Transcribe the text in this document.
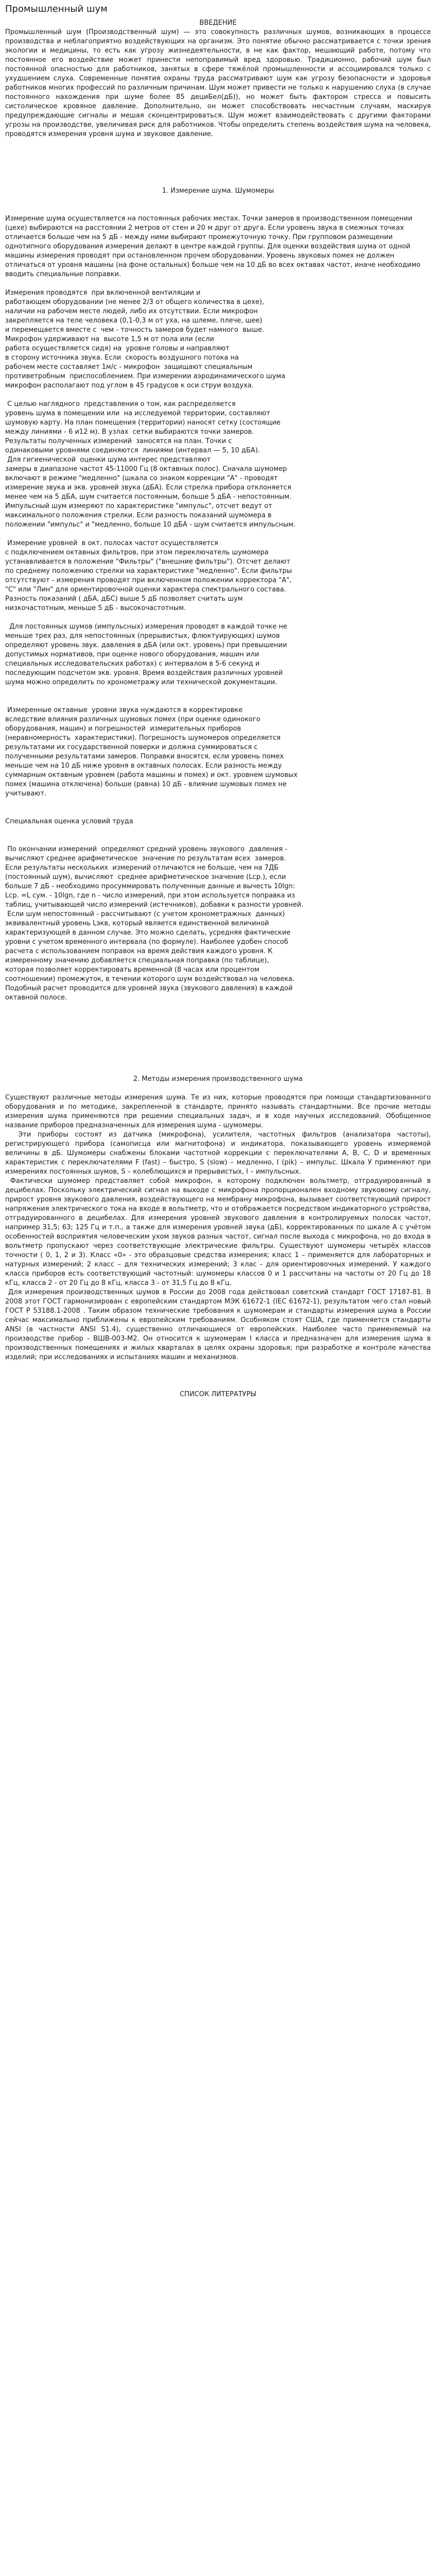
Промышленный шум

ВВЕДЕНИЕ

Промышленный шум (Производственный шум) — это совокупность различных шумов, возникающих в процессе производства и неблагоприятно воздействующих на организм. Это понятие обычно рассматривается с точки зрения экологии и медицины, то есть как угрозу жизнедеятельности, в не как фактор, мешающий работе, потому что постоянное его воздействие может принести непоправимый вред здоровью. Традиционно, рабочий шум был постоянной опасностью для работников, занятых в сфере тяжёлой промышленности и ассоциировался только с ухудшением слуха. Современные понятия охраны труда рассматривают шум как угрозу безопасности и здоровья работников многих профессий по различным причинам. Шум может привести не только к нарушению слуха (в случае постоянного нахождения при шуме более 85 дециБел(дБ)), но может быть фактором стресса и повысить систолическое кровяное давление. Дополнительно, он может способствовать несчастным случаям, маскируя предупреждающие сигналы и мешая сконцентрироваться. Шум может взаимодействовать с другими факторами угрозы на производстве, увеличивая риск для работников. Чтобы определить степень воздействия шума на человека, проводятся измерения уровня шума и звуковое давление.

1. Измерение шума. Шумомеры

Измерение шума осуществляется на постоянных рабочих местах. Точки замеров в производственном помещении (цехе) выбираются на расстоянии 2 метров от стен и 20 м друг от друга. Если уровень звука в смежных точках отличается больше чем на 5 дБ - между ними выбирают промежуточную точку. При групповом размещении однотипного оборудования измерения делают в центре каждой группы. Для оценки воздействия шума от одной машины измерения проводят при остановленном прочем оборудовании. Уровень звуковых помех не должен отличаться от уровня машины (на фоне остальных) больше чем на 10 дБ во всех октавах частот, иначе необходимо вводить специальные поправки.

Измерения проводятся  при включенной вентиляции и
работающем оборудовании (не менее 2/3 от общего количества в цехе),
наличии на рабочем месте людей, либо их отсутствии. Если микрофон
закрепляется на теле человека (0,1-0,3 м от уха, на шлеме, плече, шее)
и перемещается вместе с  чем - точность замеров будет намного  выше.
Микрофон удерживают на  высоте 1,5 м от пола или (если
работа осуществляется сидя) на  уровне головы и направляют
в сторону источника звука. Если  скорость воздушного потока на
рабочем месте составляет 1м/с - микрофон  защищают специальным
противетробным  приспособлением. При измерении аэродинамического шума
микрофон располагают под углом в 45 градусов к оси струи воздуха.

С целью наглядного  представления о том, как распределяется
уровень шума в помещении или  на исследуемой территории, составляют
шумовую карту. На план помещения (территории) наносят сетку (состоящие
между линиями - 6 и12 м). В узлах  сетки выбираются точки замеров.
Результаты полученных измерений  заносятся на план. Точки с
одинаковыми уровнями соединяются  линиями (интервал — 5, 10 дБА).

Для гигиенической  оценки шума интерес представляют
замеры в диапазоне частот 45-11000 Гц (8 октавных полос). Сначала шумомер
включают в режиме "медленно" (шкала со знаком коррекции "А" - проводят
измерение звука и экв. уровней звука (дБА). Если стрелка прибора отклоняется
менее чем на 5 дБА, шум считается постоянным, больше 5 дБА - непостоянным.
Импульсный шум измеряют по характеристике "импульс", отсчет ведут от
максимального положения стрелки. Если разность показаний шумомера в
положении "импульс" и "медленно, больше 10 дБА - шум считается импульсным.

Измерение уровней  в окт. полосах частот осуществляется
с подключением октавных фильтров, при этом переключатель шумомера
устанавливается в положение "Фильтры" ("внешние фильтры"). Отсчет делают
по среднему положению стрелки на характеристике "медленно". Если фильтры
отсутствуют - измерения проводят при включенном положении корректора "А",
"С" или "Лин" для ориентировочной оценки характера спектрального состава.
Разность показаний ( дБА, дБС) выше 5 дБ позволяет считать шум
низкочастотным, меньше 5 дБ - высокочастотным.

Для постоянных шумов (импульсных) измерения проводят в каждой точке не
меньше трех раз, для непостоянных (прерывистых, флюктуирующих) шумов
определяют уровень звук. давления в дБА (или окт. уровень) при превышении
допустимых нормативов, при оценке нового оборудования, машин или
специальных исследовательских работах) с интервалом в 5-6 секунд и
последующим подсчетом экв. уровня. Время воздействия различных уровней
шума можно определить по хронометражу или технической документации.

Измеренные октавные  уровни звука нуждаются в корректировке
вследствие влияния различных шумовых помех (при оценке одинокого
оборудования, машин) и погрешностей  измерительных приборов
(неравномерность  характеристики). Погрешность шумомеров определяется
результатами их государственной поверки и должна суммироваться с
полученными результатами замеров. Поправки вносятся, если уровень помех
меньше чем на 10 дБ ниже уровня в октавных полосах. Если разность между
суммарным октавным уровнем (работа машины и помех) и окт. уровнем шумовых
помех (машина отключена) больше (равна) 10 дБ - влияние шумовых помех не
учитывают.

Специальная оценка условий труда

По окончании измерений  определяют средний уровень звукового  давления -
вычисляют среднее арифметическое  значение по результатам всех  замеров.
Если результаты нескольких  измерений отличаются не больше, чем на 7ДБ
(постоянный шум), вычисляют  среднее арифметическое значение (Lср.), если
больше 7 дБ - необходимо просуммировать полученные данные и вычесть 10lgn:
Lср. =L сум. - 10lgn, где n - число измерений, при этом используется поправка из
таблиц, учитывающей число измерений (истечников), добавки к разности уровней.

Если шум непостоянный - рассчитывают (с учетом хронометражных  данных)
эквивалентный уровень Lэкв, который является единственной величиной
характеризующей в данном случае. Это можно сделать, усредняя фактические
уровни с учетом временного интервала (по формуле). Наиболее удобен способ
расчета с использованием поправок на время действия каждого уровня. К
измеренному значению добавляется специальная поправка (по таблице),
которая позволяет корректировать временной (8 часах или процентом
соотношении) промежуток, в течении которого шум воздействовал на человека.
Подобный расчет проводится для уровней звука (звукового давления) в каждой
октавной полосе.

2. Методы измерения производственного шума

Существуют различные методы измерения шума. Те из них, которые проводятся при помощи стандартизованного оборудования и по методике, закрепленной в стандарте, принято называть стандартными. Все прочие методы измерения шума применяются при решении специальных задач, и в ходе научных исследований. Обобщенное название приборов предназначенных для измерения шума - шумомеры.

Эти приборы состоят из датчика (микрофона), усилителя, частотных фильтров (анализатора частоты), регистрирующего прибора (самописца или магнитофона) и индикатора, показывающего уровень измеряемой величины в дБ. Шумомеры снабжены блоками частотной коррекции с переключателями А, В, С, D и временных характеристик с переключателями F (fast) – быстро, S (slow) – медленно, I (pik) – импульс. Шкала У применяют при измерениях постоянных шумов, S – колеблющихся и прерывистых, I – импульсных.

Фактически шумомер представляет собой микрофон, к которому подключен вольтметр, отградуированный в децибелах. Поскольку электрический сигнал на выходе с микрофона пропорционален входному звуковому сигналу, прирост уровня звукового давления, воздействующего на мембрану микрофона, вызывает соответствующий прирост напряжения электрического тока на входе в вольтметр, что и отображается посредством индикаторного устройства, отградуированного в децибелах. Для измерения уровней звукового давления в контролируемых полосах частот, например 31,5; 63; 125 Гц и т.п., а также для измерения уровней звука (дБ), корректированных по шкале А с учётом особенностей восприятия человеческим ухом звуков разных частот, сигнал после выхода с микрофона, но до входа в вольтметр пропускают через соответствующие электрические фильтры. Существуют шумомеры четырёх классов точности ( 0, 1, 2 и 3). Класс «0» - это образцовые средства измерения; класс 1 – применяется для лабораторных и натурных измерений; 2 класс – для технических измерений; 3 клас - для ориентировочных измерений. У каждого класса приборов есть соответствующий частотный: шумомеры классов 0 и 1 рассчитаны на частоты от 20 Гц до 18 кГц, класса 2 - от 20 Гц до 8 кГц, класса 3 - от 31,5 Гц до 8 кГц.

Для измерения производственных шумов в России до 2008 года действовал советский стандарт ГОСТ 17187-81. В 2008 этот ГОСТ гармонизирован с европейским стандартом МЭК 61672-1 (IEC 61672-1), результатом чего стал новый ГОСТ Р 53188.1-2008 . Таким образом технические требования к шумомерам и стандарты измерения шума в России сейчас максимально приближены к европейским требованиям. Особняком стоят США, где применяется стандарты ANSI (в частности ANSI S1.4), существенно отличающиеся от европейских. Наиболее часто применяемый на производстве прибор - ВШВ-003-М2. Он относится к шумомерам I класса и предназначен для измерения шума в производственных помещениях и жилых кварталах в целях охраны здоровья; при разработке и контроле качества изделий; при исследованиях и испытаниях машин и механизмов.

СПИСОК ЛИТЕРАТУРЫ
